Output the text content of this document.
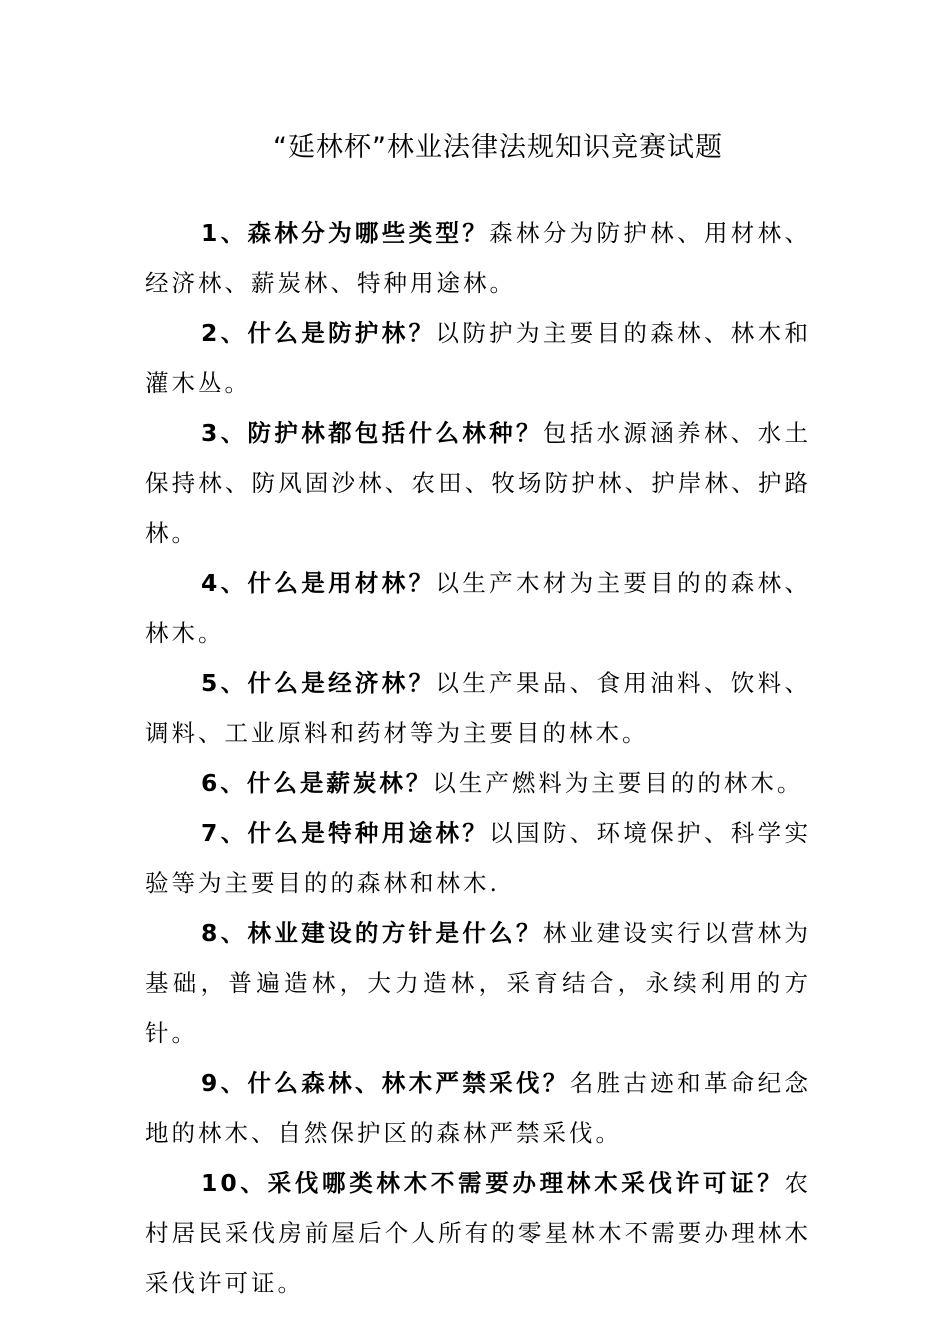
“延林杯”林业法律法规知识竞赛试题

1、森林分为哪些类型？森林分为防护林、用材林、经济林、薪炭林、特种用途林。

2、什么是防护林？以防护为主要目的森林、林木和灌木丛。

3、防护林都包括什么林种？包括水源涵养林、水土保持林、防风固沙林、农田、牧场防护林、护岸林、护路林。

4、什么是用材林？以生产木材为主要目的的森林、林木。

5、什么是经济林？以生产果品、食用油料、饮料、调料、工业原料和药材等为主要目的林木。

6、什么是薪炭林？以生产燃料为主要目的的林木。

7、什么是特种用途林？以国防、环境保护、科学实验等为主要目的的森林和林木.

8、林业建设的方针是什么？林业建设实行以营林为基础，普遍造林，大力造林，采育结合，永续利用的方针。

9、什么森林、林木严禁采伐？名胜古迹和革命纪念地的林木、自然保护区的森林严禁采伐。

10、采伐哪类林木不需要办理林木采伐许可证？农村居民采伐房前屋后个人所有的零星林木不需要办理林木采伐许可证。
